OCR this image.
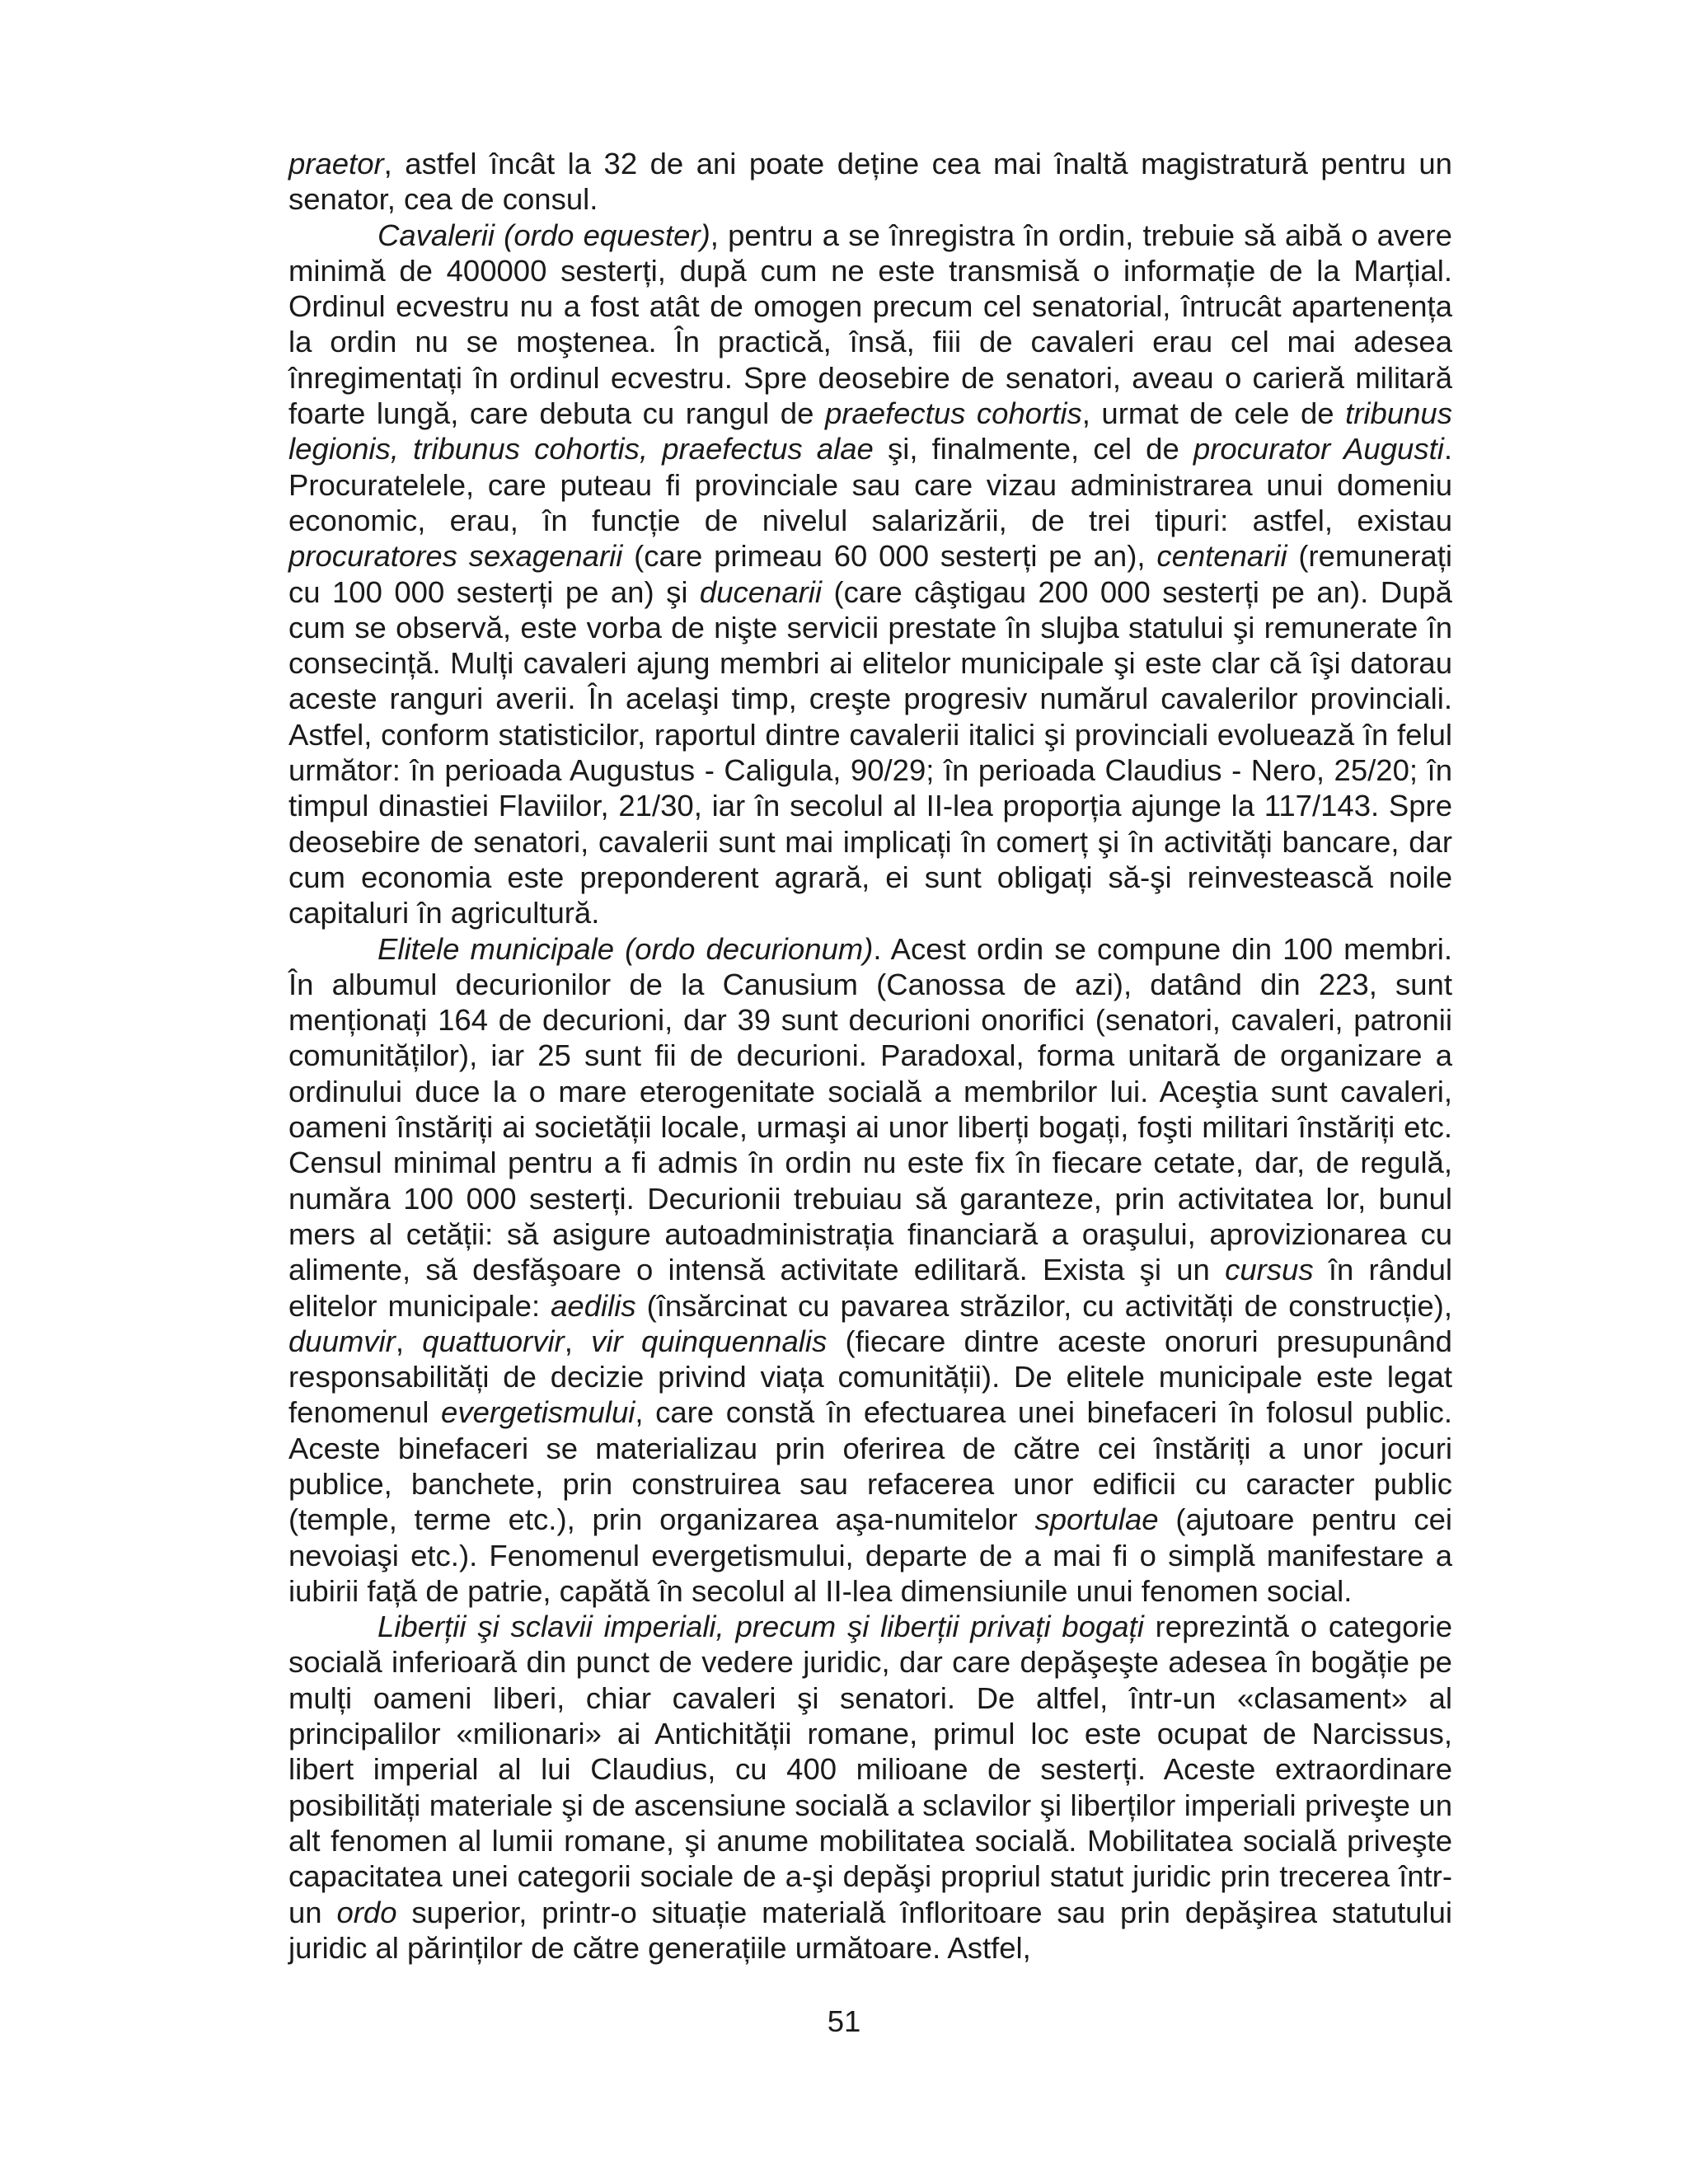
praetor, astfel încât la 32 de ani poate deține cea mai înaltă magistratură pentru un senator, cea de consul.

Cavalerii (ordo equester), pentru a se înregistra în ordin, trebuie să aibă o avere minimă de 400000 sesterți, după cum ne este transmisă o informație de la Marțial. Ordinul ecvestru nu a fost atât de omogen precum cel senatorial, întrucât apartenența la ordin nu se moştenea. În practică, însă, fiii de cavaleri erau cel mai adesea înregimentați în ordinul ecvestru. Spre deosebire de senatori, aveau o carieră militară foarte lungă, care debuta cu rangul de praefectus cohortis, urmat de cele de tribunus legionis, tribunus cohortis, praefectus alae şi, finalmente, cel de procurator Augusti. Procuratelele, care puteau fi provinciale sau care vizau administrarea unui domeniu economic, erau, în funcție de nivelul salarizării, de trei tipuri: astfel, existau procuratores sexagenarii (care primeau 60 000 sesterți pe an), centenarii (remunerați cu 100 000 sesterți pe an) şi ducenarii (care câştigau 200 000 sesterți pe an). După cum se observă, este vorba de nişte servicii prestate în slujba statului şi remunerate în consecință. Mulți cavaleri ajung membri ai elitelor municipale şi este clar că îşi datorau aceste ranguri averii. În acelaşi timp, creşte progresiv numărul cavalerilor provinciali. Astfel, conform statisticilor, raportul dintre cavalerii italici şi provinciali evoluează în felul următor: în perioada Augustus - Caligula, 90/29; în perioada Claudius - Nero, 25/20; în timpul dinastiei Flaviilor, 21/30, iar în secolul al II-lea proporția ajunge la 117/143. Spre deosebire de senatori, cavalerii sunt mai implicați în comerț şi în activități bancare, dar cum economia este preponderent agrară, ei sunt obligați să-şi reinvestească noile capitaluri în agricultură.

Elitele municipale (ordo decurionum). Acest ordin se compune din 100 membri. În albumul decurionilor de la Canusium (Canossa de azi), datând din 223, sunt menționați 164 de decurioni, dar 39 sunt decurioni onorifici (senatori, cavaleri, patronii comunităților), iar 25 sunt fii de decurioni. Paradoxal, forma unitară de organizare a ordinului duce la o mare eterogenitate socială a membrilor lui. Aceştia sunt cavaleri, oameni înstăriți ai societății locale, urmaşi ai unor liberți bogați, foşti militari înstăriți etc. Censul minimal pentru a fi admis în ordin nu este fix în fiecare cetate, dar, de regulă, număra 100 000 sesterți. Decurionii trebuiau să garanteze, prin activitatea lor, bunul mers al cetății: să asigure autoadministrația financiară a oraşului, aprovizionarea cu alimente, să desfăşoare o intensă activitate edilitară. Exista şi un cursus în rândul elitelor municipale: aedilis (însărcinat cu pavarea străzilor, cu activități de construcție), duumvir, quattuorvir, vir quinquennalis (fiecare dintre aceste onoruri presupunând responsabilități de decizie privind viața comunității). De elitele municipale este legat fenomenul evergetismului, care constă în efectuarea unei binefaceri în folosul public. Aceste binefaceri se materializau prin oferirea de către cei înstăriți a unor jocuri publice, banchete, prin construirea sau refacerea unor edificii cu caracter public (temple, terme etc.), prin organizarea aşa-numitelor sportulae (ajutoare pentru cei nevoiaşi etc.). Fenomenul evergetismului, departe de a mai fi o simplă manifestare a iubirii față de patrie, capătă în secolul al II-lea dimensiunile unui fenomen social.

Liberții şi sclavii imperiali, precum şi liberții privați bogați reprezintă o categorie socială inferioară din punct de vedere juridic, dar care depăşeşte adesea în bogăție pe mulți oameni liberi, chiar cavaleri şi senatori. De altfel, într-un «clasament» al principalilor «milionari» ai Antichității romane, primul loc este ocupat de Narcissus, libert imperial al lui Claudius, cu 400 milioane de sesterți. Aceste extraordinare posibilități materiale şi de ascensiune socială a sclavilor şi liberților imperiali priveşte un alt fenomen al lumii romane, şi anume mobilitatea socială. Mobilitatea socială priveşte capacitatea unei categorii sociale de a-şi depăşi propriul statut juridic prin trecerea într-un ordo superior, printr-o situație materială înfloritoare sau prin depăşirea statutului juridic al părinților de către generațiile următoare. Astfel,

51
